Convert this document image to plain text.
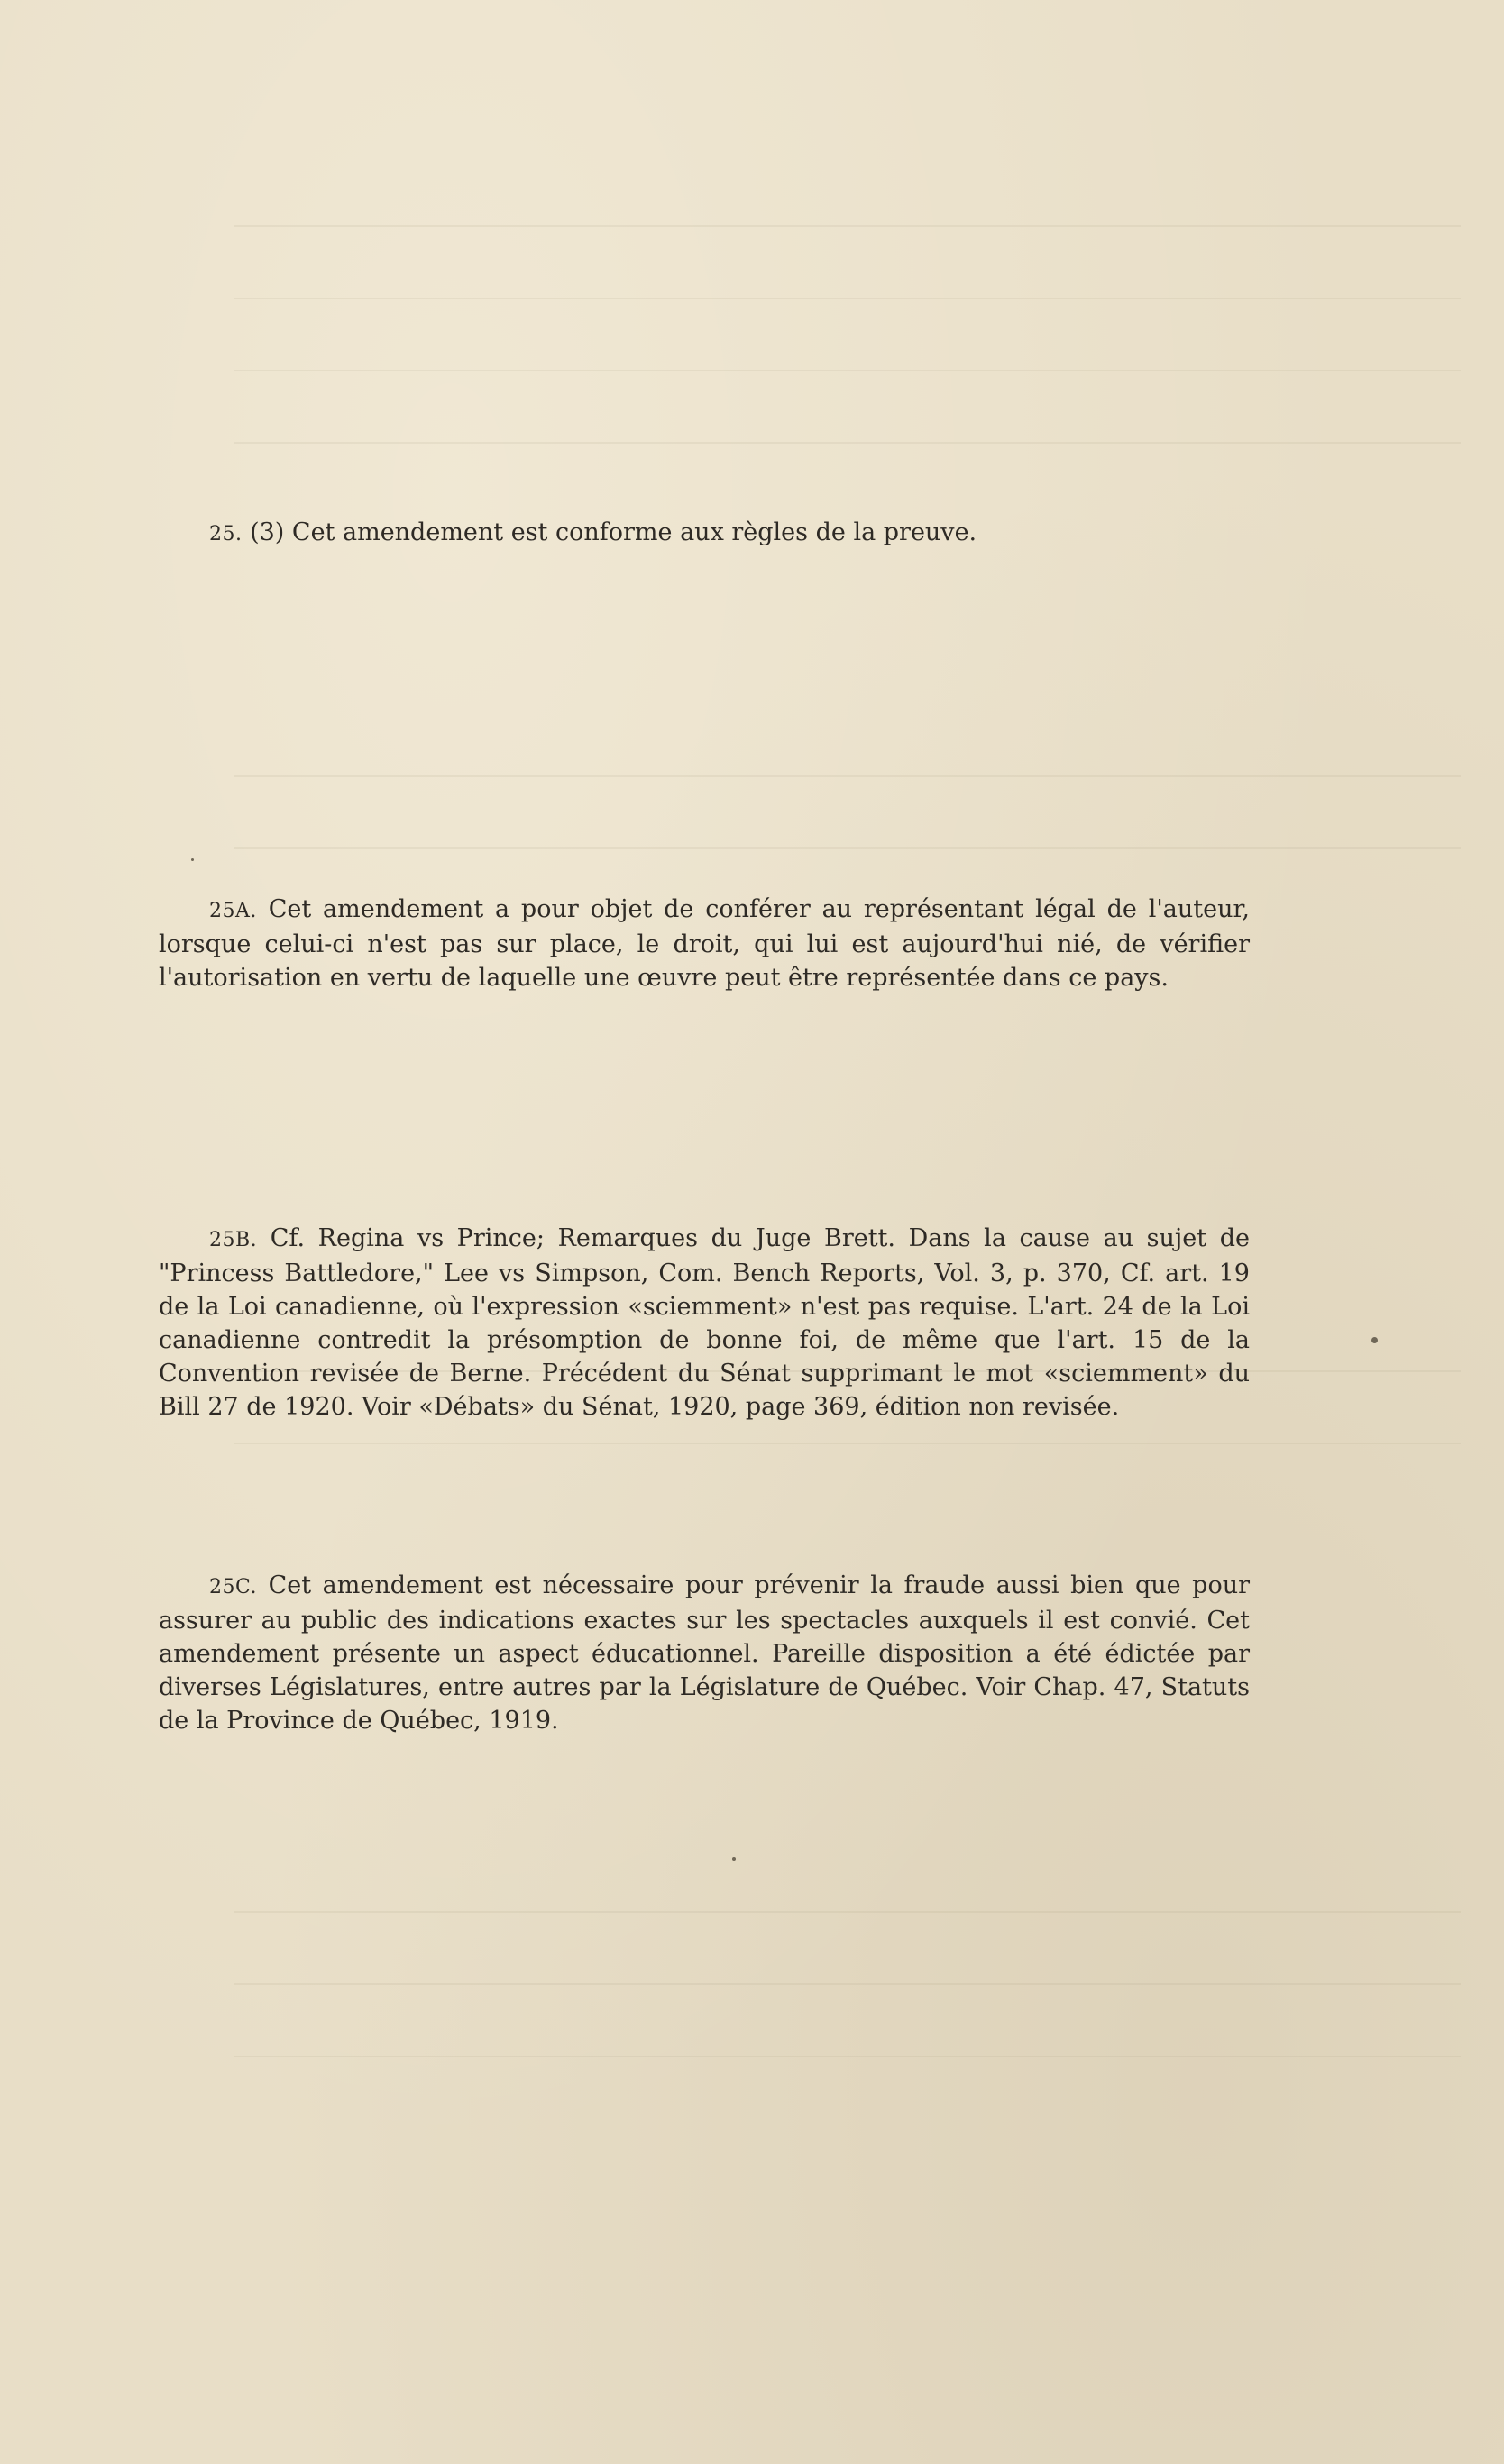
25. (3) Cet amendement est conforme aux règles de la preuve.

25A. Cet amendement a pour objet de conférer au représentant légal de l'auteur, lorsque celui-ci n'est pas sur place, le droit, qui lui est aujourd'hui nié, de vérifier l'autorisation en vertu de laquelle une œuvre peut être représentée dans ce pays.

25B. Cf. Regina vs Prince; Remarques du Juge Brett. Dans la cause au sujet de "Princess Battledore," Lee vs Simpson, Com. Bench Reports, Vol. 3, p. 370, Cf. art. 19 de la Loi canadienne, où l'expression «sciemment» n'est pas requise. L'art. 24 de la Loi canadienne contredit la présomption de bonne foi, de même que l'art. 15 de la Convention revisée de Berne. Précédent du Sénat supprimant le mot «sciemment» du Bill 27 de 1920. Voir «Débats» du Sénat, 1920, page 369, édition non revisée.

25C. Cet amendement est nécessaire pour prévenir la fraude aussi bien que pour assurer au public des indications exactes sur les spectacles auxquels il est convié. Cet amendement présente un aspect éducationnel. Pareille disposition a été édictée par diverses Législatures, entre autres par la Législature de Québec. Voir Chap. 47, Statuts de la Province de Québec, 1919.
